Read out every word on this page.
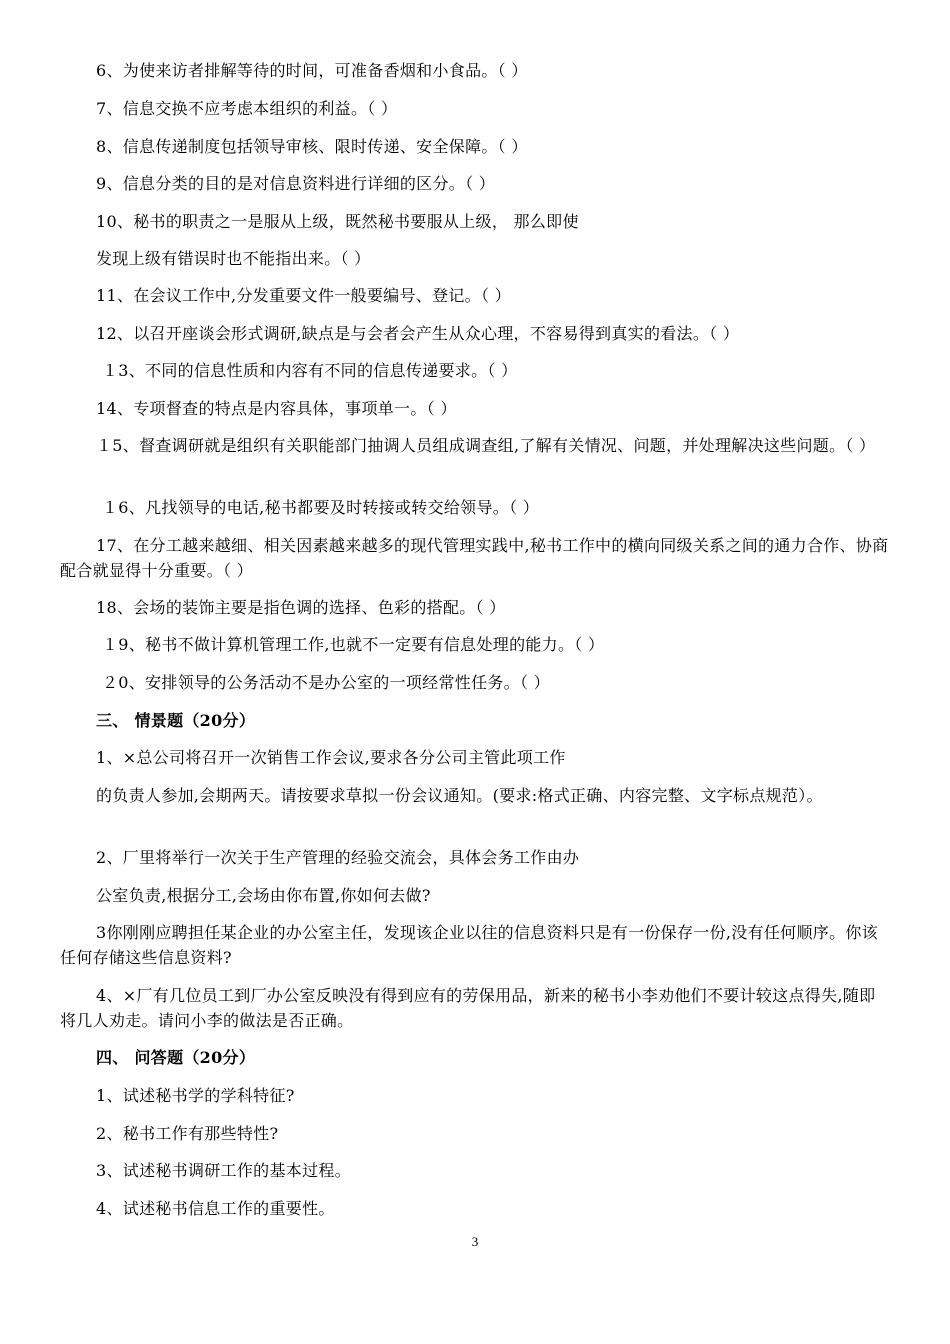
6、为使来访者排解等待的时间，可准备香烟和小食品。（ ）
7、信息交换不应考虑本组织的利益。（ ）
8、信息传递制度包括领导审核、限时传递、安全保障。（ ）
9、信息分类的目的是对信息资料进行详细的区分。（ ）
10、秘书的职责之一是服从上级，既然秘书要服从上级， 那么即使
发现上级有错误时也不能指出来。（ ）
11、在会议工作中,分发重要文件一般要编号、登记。（ ）
12、以召开座谈会形式调研,缺点是与会者会产生从众心理，不容易得到真实的看法。（ ）
１3、不同的信息性质和内容有不同的信息传递要求。（ ）
14、专项督查的特点是内容具体，事项单一。（ ）
１5、督查调研就是组织有关职能部门抽调人员组成调查组,了解有关情况、问题，并处理解决这些问题。（ ）
１6、凡找领导的电话,秘书都要及时转接或转交给领导。（ ）
17、在分工越来越细、相关因素越来越多的现代管理实践中,秘书工作中的横向同级关系之间的通力合作、协商配合就显得十分重要。（ ）
18、会场的装饰主要是指色调的选择、色彩的搭配。（ ）
１9、秘书不做计算机管理工作,也就不一定要有信息处理的能力。（ ）
２0、安排领导的公务活动不是办公室的一项经常性任务。（ ）
三、 情景题（20分）
1、×总公司将召开一次销售工作会议,要求各分公司主管此项工作
的负责人参加,会期两天。请按要求草拟一份会议通知。(要求:格式正确、内容完整、文字标点规范）。
2、厂里将举行一次关于生产管理的经验交流会，具体会务工作由办
公室负责,根据分工,会场由你布置,你如何去做?
3你刚刚应聘担任某企业的办公室主任，发现该企业以往的信息资料只是有一份保存一份,没有任何顺序。你该任何存储这些信息资料?
4、×厂有几位员工到厂办公室反映没有得到应有的劳保用品，新来的秘书小李劝他们不要计较这点得失,随即将几人劝走。请问小李的做法是否正确。
四、 问答题（20分）
1、试述秘书学的学科特征?
2、秘书工作有那些特性?
3、试述秘书调研工作的基本过程。
4、试述秘书信息工作的重要性。
3
